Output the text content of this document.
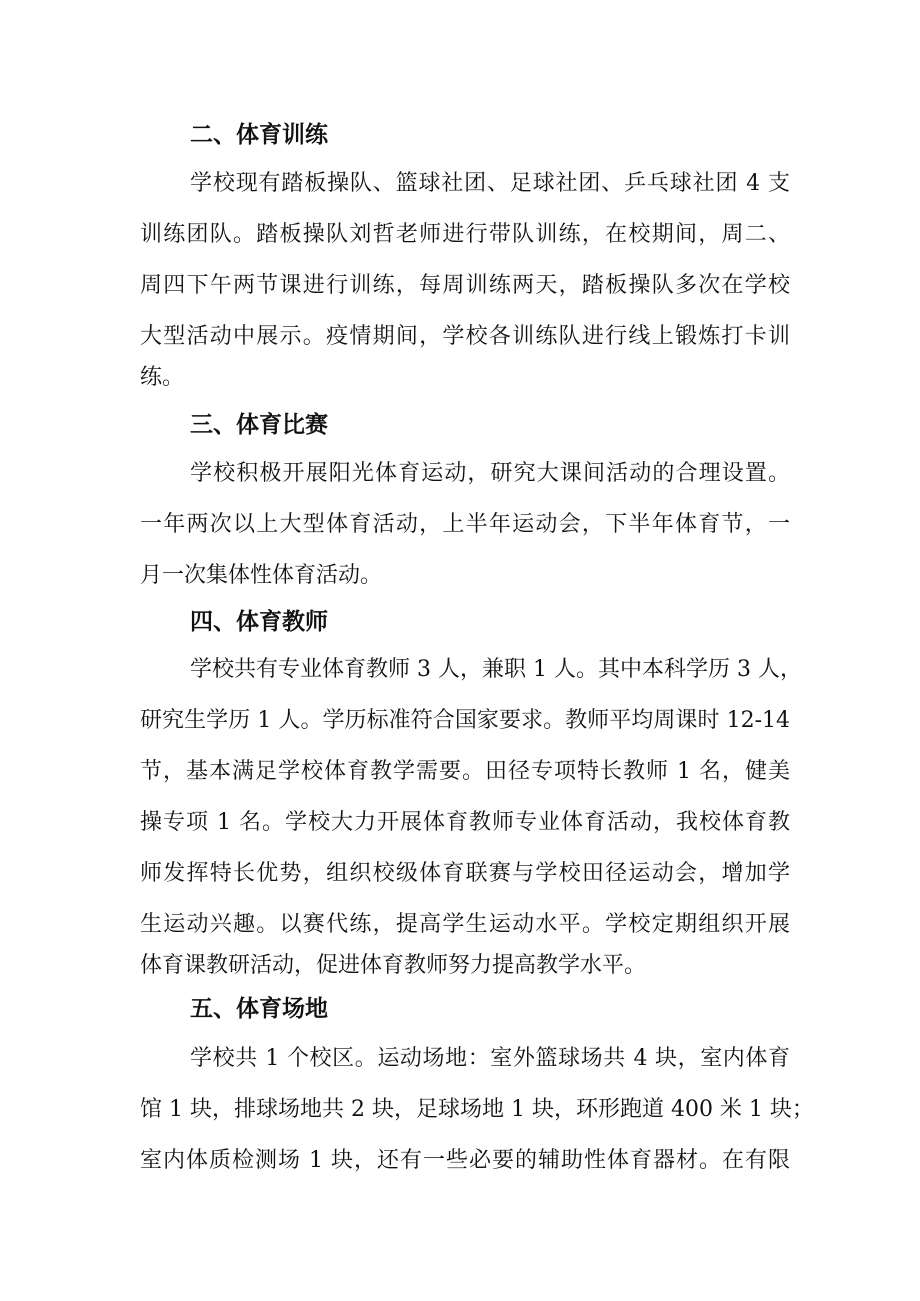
二、体育训练
学校现有踏板操队、篮球社团、足球社团、乒乓球社团 4 支
训练团队。踏板操队刘哲老师进行带队训练，在校期间，周二、
周四下午两节课进行训练，每周训练两天，踏板操队多次在学校
大型活动中展示。疫情期间，学校各训练队进行线上锻炼打卡训
练。
三、体育比赛
学校积极开展阳光体育运动，研究大课间活动的合理设置。
一年两次以上大型体育活动，上半年运动会，下半年体育节，一
月一次集体性体育活动。
四、体育教师
学校共有专业体育教师 3 人，兼职 1 人。其中本科学历 3 人，
研究生学历 1 人。学历标准符合国家要求。教师平均周课时 12-14
节，基本满足学校体育教学需要。田径专项特长教师 1 名，健美
操专项 1 名。学校大力开展体育教师专业体育活动，我校体育教
师发挥特长优势，组织校级体育联赛与学校田径运动会，增加学
生运动兴趣。以赛代练，提高学生运动水平。学校定期组织开展
体育课教研活动，促进体育教师努力提高教学水平。
五、体育场地
学校共 1 个校区。运动场地：室外篮球场共 4 块，室内体育
馆 1 块，排球场地共 2 块，足球场地 1 块，环形跑道 400 米 1 块；
室内体质检测场 1 块，还有一些必要的辅助性体育器材。在有限
